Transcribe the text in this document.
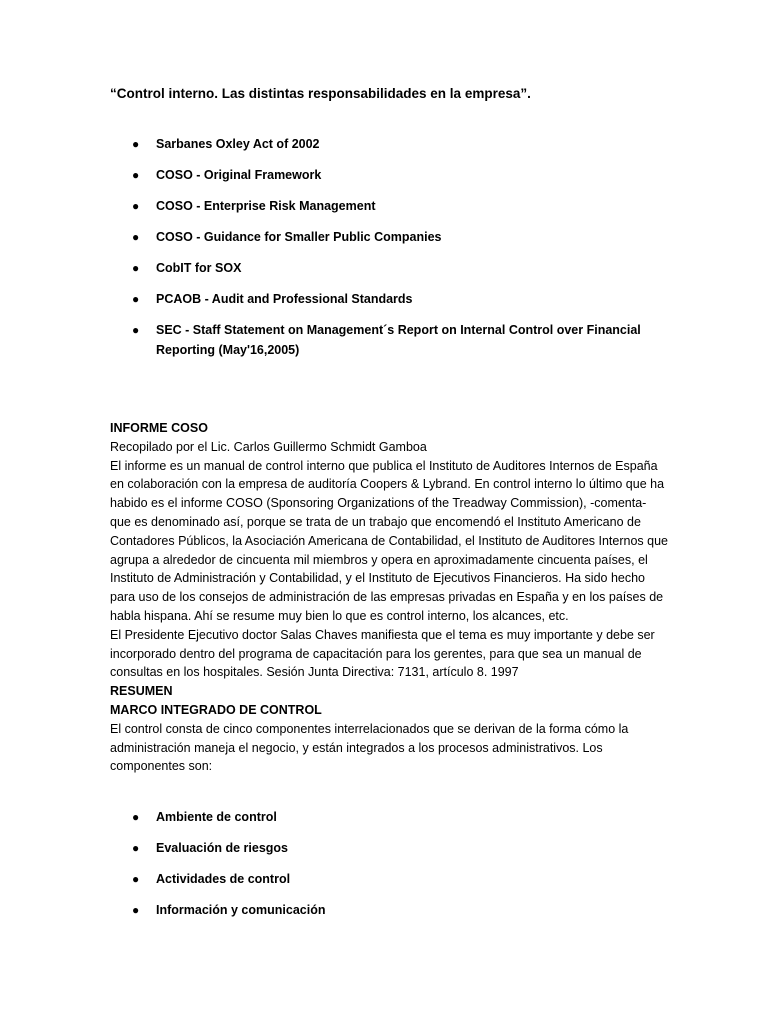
“Control interno. Las distintas responsabilidades en la empresa”.

● Sarbanes Oxley Act of 2002
● COSO - Original Framework
● COSO - Enterprise Risk Management
● COSO - Guidance for Smaller Public Companies
● CobIT for SOX
● PCAOB - Audit and Professional Standards
● SEC - Staff Statement on Management´s Report on Internal Control over Financial Reporting (May'16,2005)

INFORME COSO

Recopilado por el Lic. Carlos Guillermo Schmidt Gamboa

El informe es un manual de control interno que publica el Instituto de Auditores Internos de España en colaboración con la empresa de auditoría Coopers & Lybrand. En control interno lo último que ha habido es el informe COSO (Sponsoring Organizations of the Treadway Commission), -comenta- que es denominado así, porque se trata de un trabajo que encomendó el Instituto Americano de Contadores Públicos, la Asociación Americana de Contabilidad, el Instituto de Auditores Internos que agrupa a alrededor de cincuenta mil miembros y opera en aproximadamente cincuenta países, el Instituto de Administración y Contabilidad, y el Instituto de Ejecutivos Financieros. Ha sido hecho para uso de los consejos de administración de las empresas privadas en España y en los países de habla hispana. Ahí se resume muy bien lo que es control interno, los alcances, etc.

El Presidente Ejecutivo doctor Salas Chaves manifiesta que el tema es muy importante y debe ser incorporado dentro del programa de capacitación para los gerentes, para que sea un manual de consultas en los hospitales. Sesión Junta Directiva: 7131, artículo 8. 1997

RESUMEN

MARCO INTEGRADO DE CONTROL

El control consta de cinco componentes interrelacionados que se derivan de la forma cómo la administración maneja el negocio, y están integrados a los procesos administrativos. Los componentes son:

● Ambiente de control
● Evaluación de riesgos
● Actividades de control
● Información y comunicación
